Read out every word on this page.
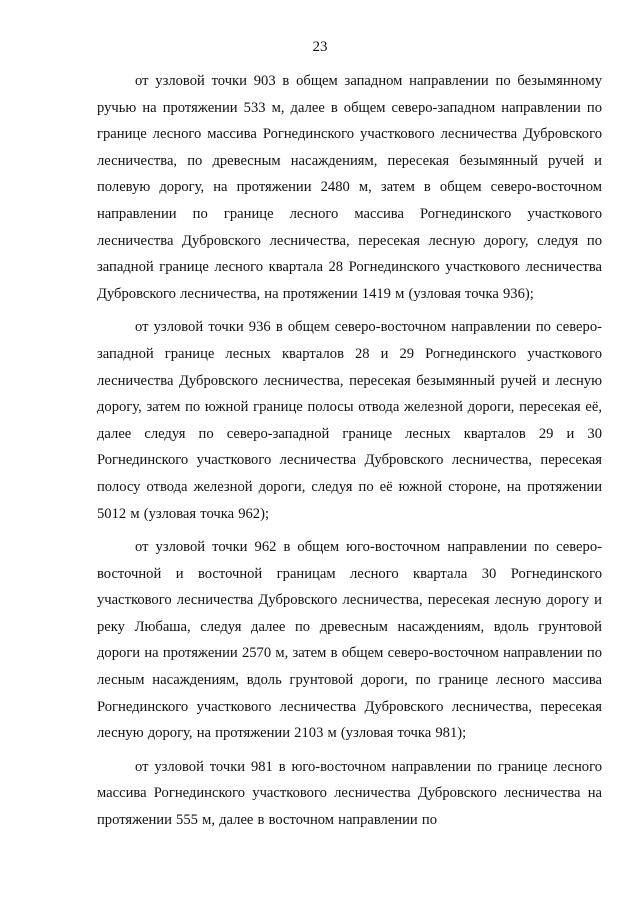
23

от узловой точки 903 в общем западном направлении по безымянному ручью на протяжении 533 м, далее в общем северо-западном направлении по границе лесного массива Рогнединского участкового лесничества Дубровского лесничества, по древесным насаждениям, пересекая безымянный ручей и полевую дорогу, на протяжении 2480 м, затем в общем северо-восточном направлении по границе лесного массива Рогнединского участкового лесничества Дубровского лесничества, пересекая лесную дорогу, следуя по западной границе лесного квартала 28 Рогнединского участкового лесничества Дубровского лесничества, на протяжении 1419 м (узловая точка 936);

от узловой точки 936 в общем северо-восточном направлении по северо-западной границе лесных кварталов 28 и 29 Рогнединского участкового лесничества Дубровского лесничества, пересекая безымянный ручей и лесную дорогу, затем по южной границе полосы отвода железной дороги, пересекая её, далее следуя по северо-западной границе лесных кварталов 29 и 30 Рогнединского участкового лесничества Дубровского лесничества, пересекая полосу отвода железной дороги, следуя по её южной стороне, на протяжении 5012 м (узловая точка 962);

от узловой точки 962 в общем юго-восточном направлении по северо-восточной и восточной границам лесного квартала 30 Рогнединского участкового лесничества Дубровского лесничества, пересекая лесную дорогу и реку Любаша, следуя далее по древесным насаждениям, вдоль грунтовой дороги на протяжении 2570 м, затем в общем северо-восточном направлении по лесным насаждениям, вдоль грунтовой дороги, по границе лесного массива Рогнединского участкового лесничества Дубровского лесничества, пересекая лесную дорогу, на протяжении 2103 м (узловая точка 981);

от узловой точки 981 в юго-восточном направлении по границе лесного массива Рогнединского участкового лесничества Дубровского лесничества на протяжении 555 м, далее в восточном направлении по
